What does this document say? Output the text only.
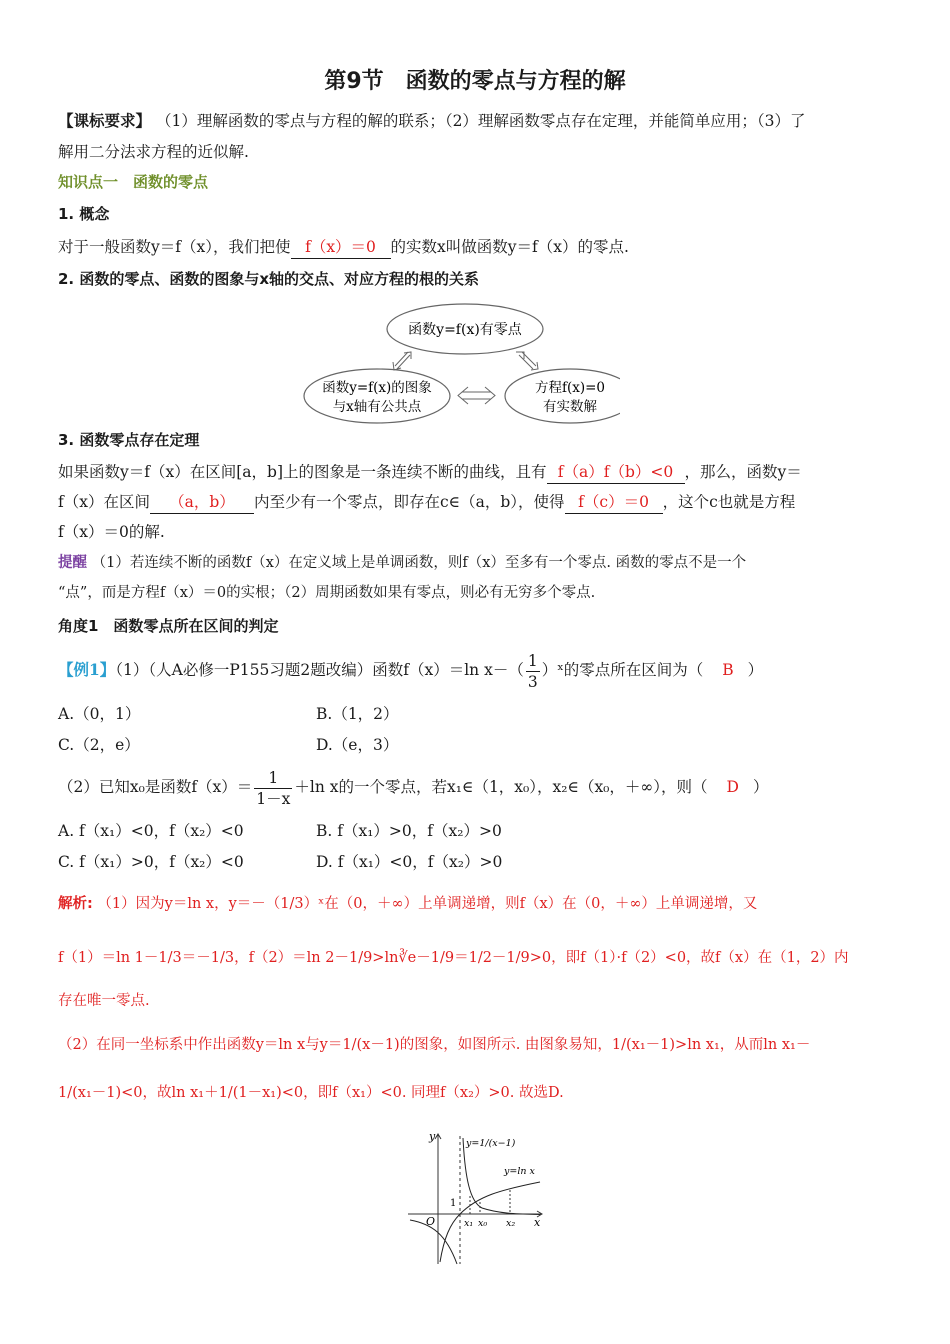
第9节　函数的零点与方程的解
【课标要求】 （1）理解函数的零点与方程的解的联系；（2）理解函数零点存在定理，并能简单应用；（3）了
解用二分法求方程的近似解.
知识点一　函数的零点
1. 概念
对于一般函数y＝f（x），我们把使 f（x）＝0 的实数x叫做函数y＝f（x）的零点.
2. 函数的零点、函数的图象与x轴的交点、对应方程的根的关系
函数y=f(x)有零点
函数y=f(x)的图象
与x轴有公共点
方程f(x)=0
有实数解
3. 函数零点存在定理
如果函数y＝f（x）在区间[a，b]上的图象是一条连续不断的曲线，且有 f（a）f（b）<0 ，那么，函数y＝
f（x）在区间 （a，b） 内至少有一个零点，即存在c∈（a，b），使得 f（c）＝0 ，这个c也就是方程
f（x）＝0的解.
提醒 （1）若连续不断的函数f（x）在定义域上是单调函数，则f（x）至多有一个零点. 函数的零点不是一个
“点”，而是方程f（x）＝0的实根；（2）周期函数如果有零点，则必有无穷多个零点.
角度1　函数零点所在区间的判定
【例1】（1）（人A必修一P155习题2题改编）函数f（x）＝ln $x-( \frac{1}{3}$ ）ˣ的零点所在区间为（ B ）
A.（0，1）	B.（1，2）
C.（2，e）	D.（e，3）
（2）已知x₀是函数$f(x)= \frac{1}{1-x} +\ln$ x的一个零点，若x₁∈（1，x₀），x₂∈（x₀，＋∞），则（ D ）
A. f（x₁）<0，f（x₂）<0	B. f（x₁）>0，f（x₂）>0
C. f（x₁）>0，f（x₂）<0	D. f（x₁）<0，f（x₂）>0
解析: （1）因为y＝ln x，y＝－（1/3）ˣ在（0，＋∞）上单调递增，则f（x）在（0，＋∞）上单调递增，又
f（1）＝ln 1－1/3＝－1/3，f（2）＝ln 2－1/9>ln∛e－1/9＝1/2－1/9>0，即f（1）·f（2）<0，故f（x）在（1，2）内
存在唯一零点.
（2）在同一坐标系中作出函数y＝ln x与y＝1/(x－1)的图象，如图所示. 由图象易知，1/(x₁－1)>ln x₁，从而ln x₁－
1/(x₁－1)<0，故ln x₁＋1/(1－x₁)<0，即f（x₁）<0. 同理f（x₂）>0. 故选D.
y
x
O
1
y=1/(x−1)
y=ln x
x₁ x₀ x₂
